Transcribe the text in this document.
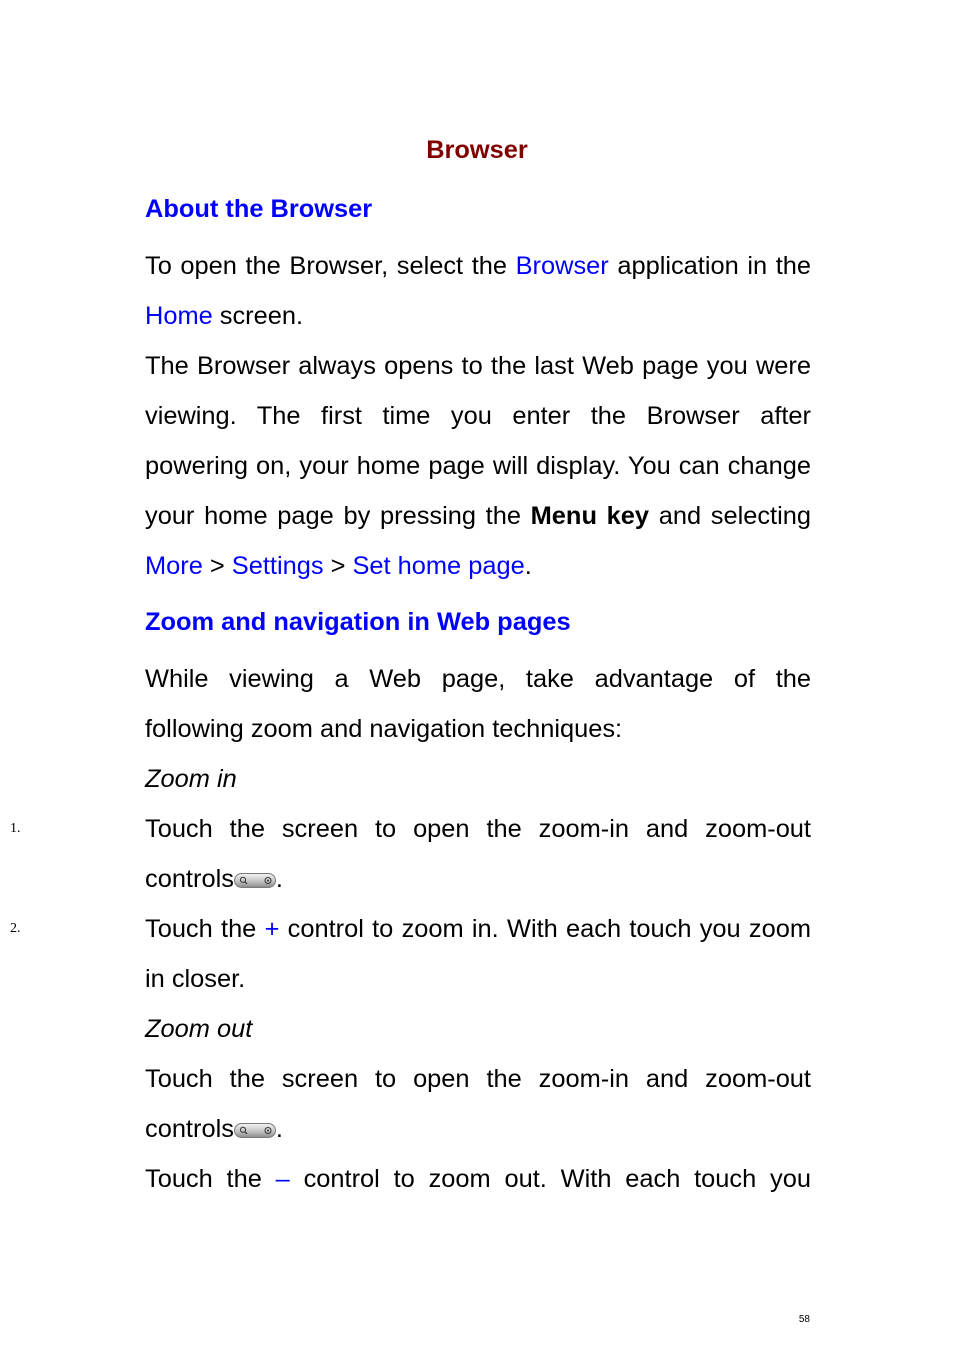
Browser
About the Browser
To open the Browser, select the Browser application in the
Home screen.
The Browser always opens to the last Web page you were
viewing. The first time you enter the Browser after
powering on, your home page will display. You can change
your home page by pressing the Menu key and selecting
More > Settings > Set home page.
Zoom and navigation in Web pages
While viewing a Web page, take advantage of the
following zoom and navigation techniques:
Zoom in
1.	Touch the screen to open the zoom-in and zoom-out
controls .
2.	Touch the + control to zoom in. With each touch you zoom
in closer.
Zoom out
Touch the screen to open the zoom-in and zoom-out
controls .
Touch the – control to zoom out. With each touch you
58
